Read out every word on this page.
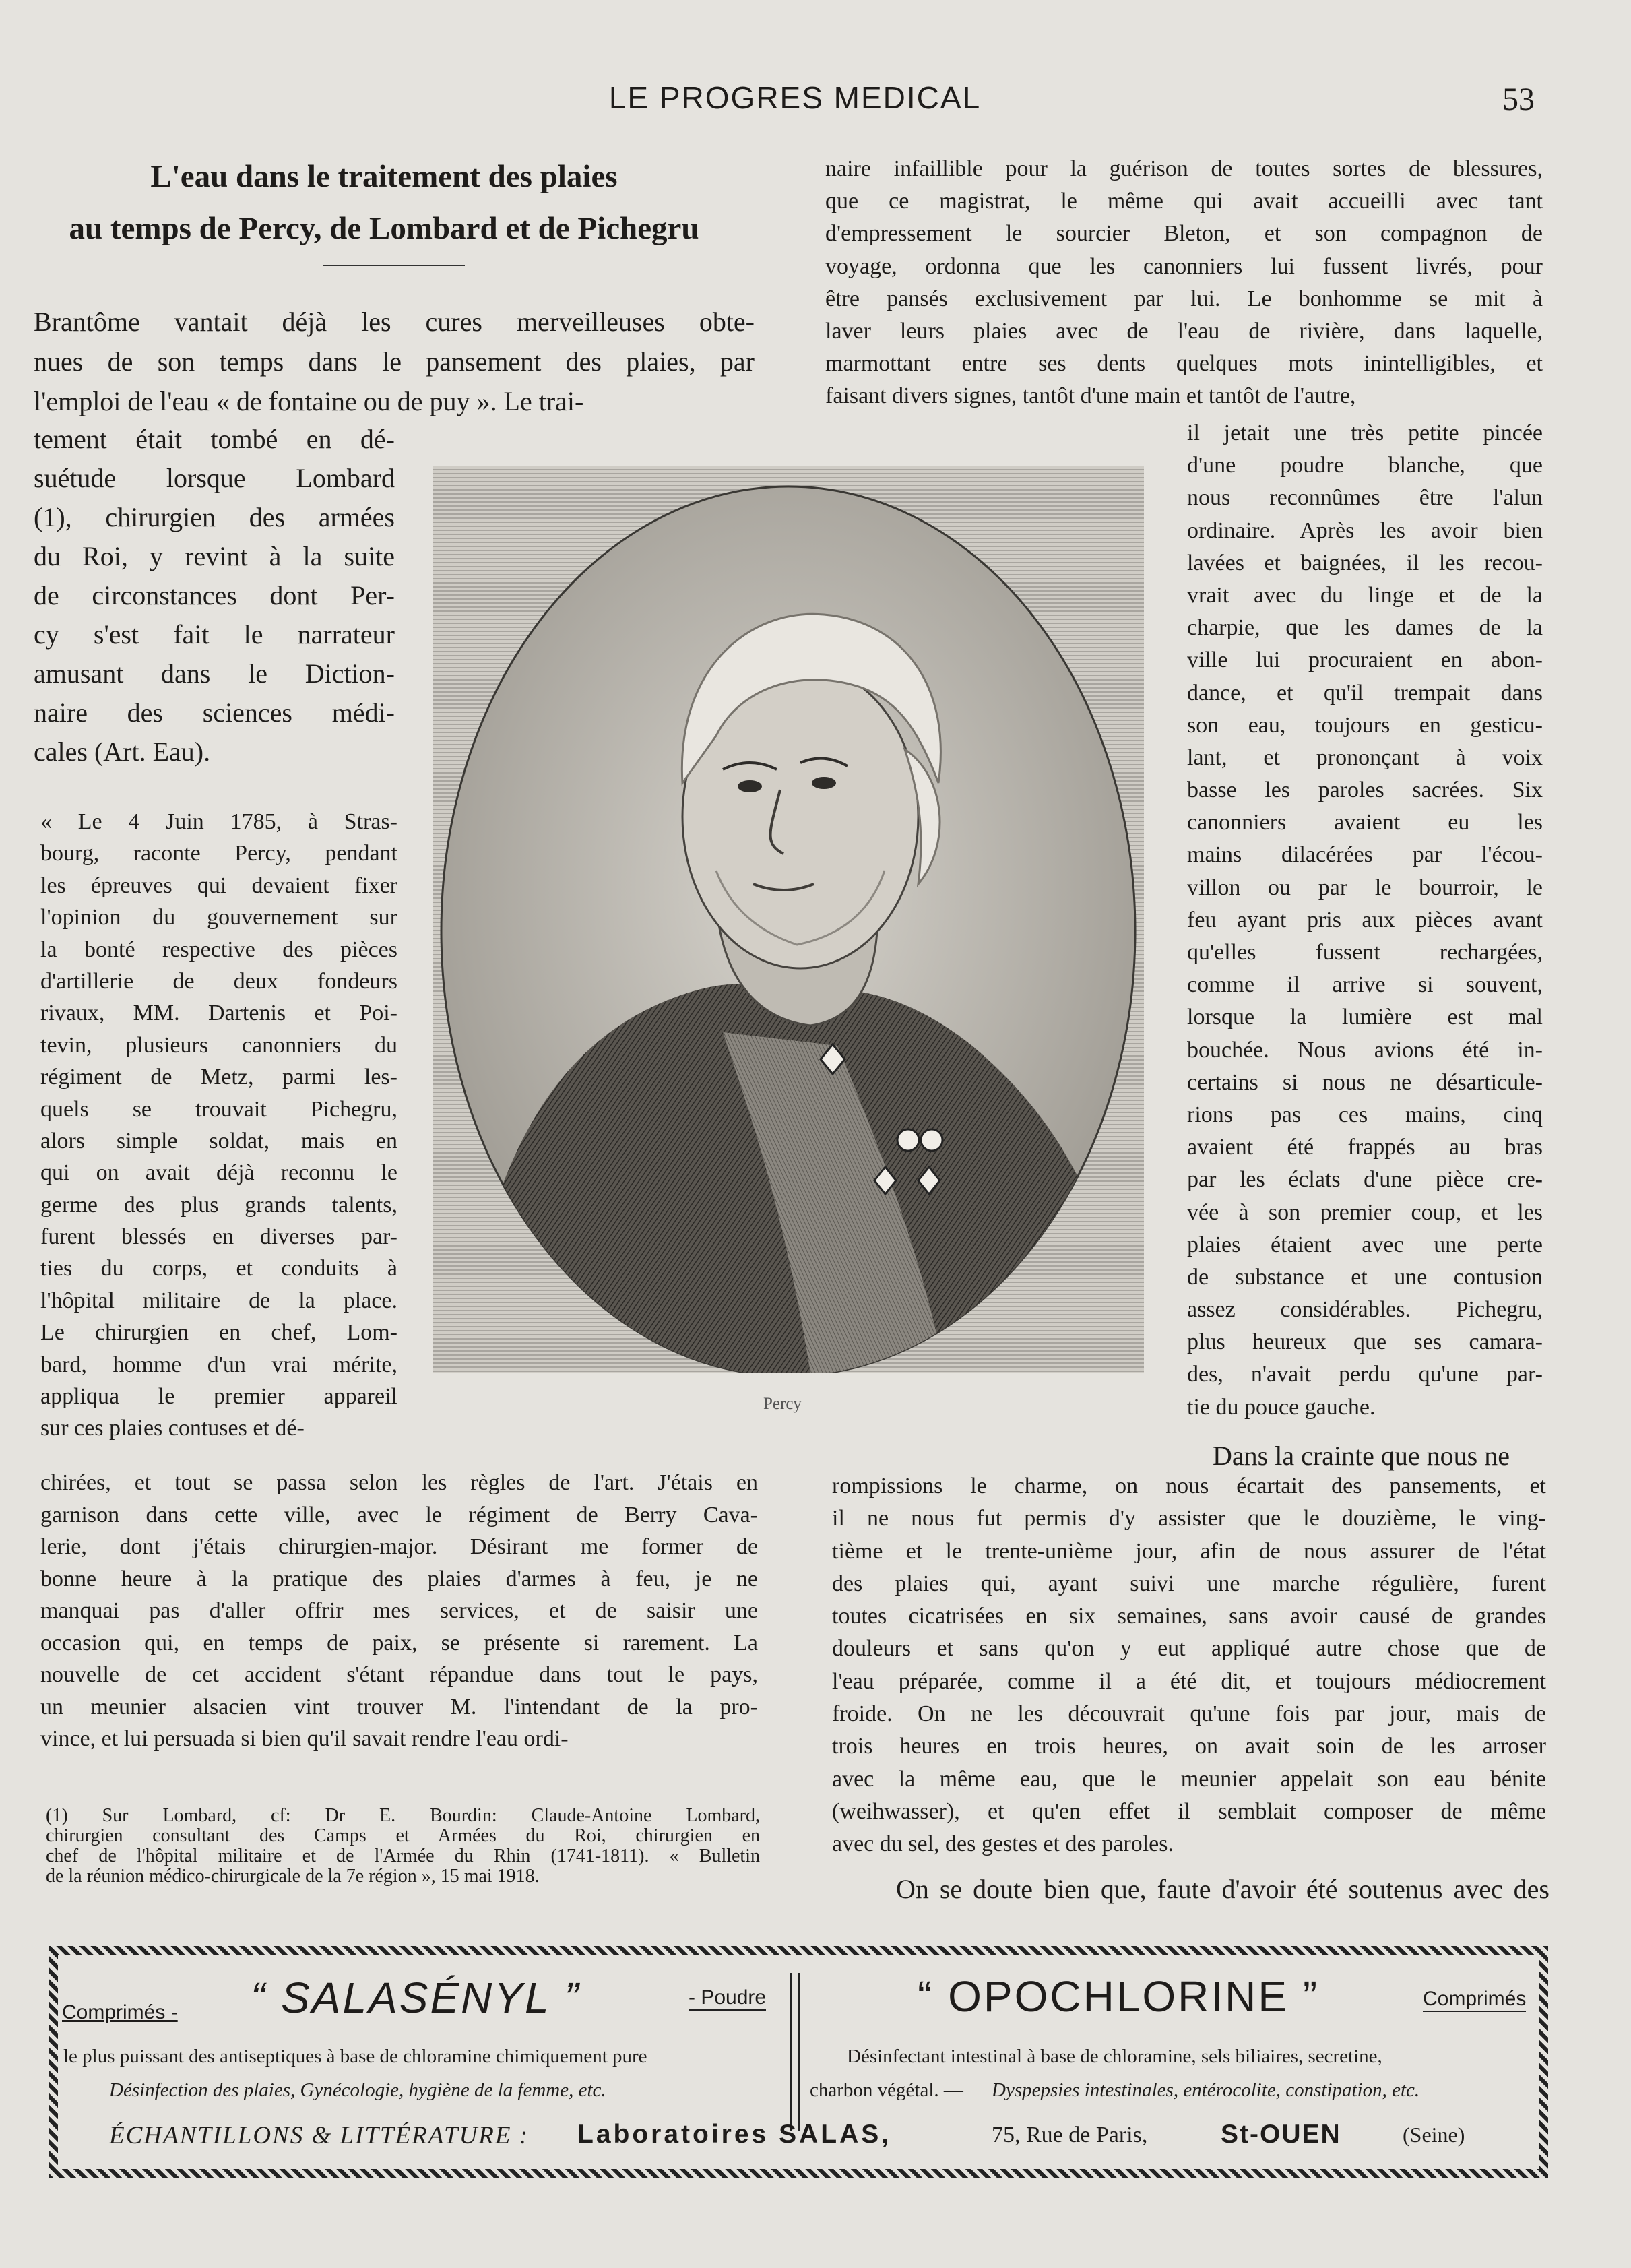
LE PROGRES MEDICAL	53
L'eau dans le traitement des plaies
au temps de Percy, de Lombard et de Pichegru
Brantôme vantait déjà les cures merveilleuses obte-
nues de son temps dans le pansement des plaies, par
l'emploi de l'eau « de fontaine ou de puy ». Le trai-
tement était tombé en dé-
suétude lorsque Lombard
(1), chirurgien des armées
du Roi, y revint à la suite
de circonstances dont Per-
cy s'est fait le narrateur
amusant dans le Diction-
naire des sciences médi-
cales (Art. Eau).
« Le 4 Juin 1785, à Stras-
bourg, raconte Percy, pendant
les épreuves qui devaient fixer
l'opinion du gouvernement sur
la bonté respective des pièces
d'artillerie de deux fondeurs
rivaux, MM. Dartenis et Poi-
tevin, plusieurs canonniers du
régiment de Metz, parmi les-
quels se trouvait Pichegru,
alors simple soldat, mais en
qui on avait déjà reconnu le
germe des plus grands talents,
furent blessés en diverses par-
ties du corps, et conduits à
l'hôpital militaire de la place.
Le chirurgien en chef, Lom-
bard, homme d'un vrai mérite,
appliqua le premier appareil
sur ces plaies contuses et dé-
chirées, et tout se passa selon les règles de l'art. J'étais en
garnison dans cette ville, avec le régiment de Berry Cava-
lerie, dont j'étais chirurgien-major. Désirant me former de
bonne heure à la pratique des plaies d'armes à feu, je ne
manquai pas d'aller offrir mes services, et de saisir une
occasion qui, en temps de paix, se présente si rarement. La
nouvelle de cet accident s'étant répandue dans tout le pays,
un meunier alsacien vint trouver M. l'intendant de la pro-
vince, et lui persuada si bien qu'il savait rendre l'eau ordi-
(1) Sur Lombard, cf: Dr E. Bourdin: Claude-Antoine Lombard,
chirurgien consultant des Camps et Armées du Roi, chirurgien en
chef de l'hôpital militaire et de l'Armée du Rhin (1741-1811). « Bulletin
de la réunion médico-chirurgicale de la 7e région », 15 mai 1918.
naire infaillible pour la guérison de toutes sortes de blessures,
que ce magistrat, le même qui avait accueilli avec tant
d'empressement le sourcier Bleton, et son compagnon de
voyage, ordonna que les canonniers lui fussent livrés, pour
être pansés exclusivement par lui. Le bonhomme se mit à
laver leurs plaies avec de l'eau de rivière, dans laquelle,
marmottant entre ses dents quelques mots inintelligibles, et
faisant divers signes, tantôt d'une main et tantôt de l'autre,
il jetait une très petite pincée
d'une poudre blanche, que
nous reconnûmes être l'alun
ordinaire. Après les avoir bien
lavées et baignées, il les recou-
vrait avec du linge et de la
charpie, que les dames de la
ville lui procuraient en abon-
dance, et qu'il trempait dans
son eau, toujours en gesticu-
lant, et prononçant à voix
basse les paroles sacrées. Six
canonniers avaient eu les
mains dilacérées par l'écou-
villon ou par le bourroir, le
feu ayant pris aux pièces avant
qu'elles fussent rechargées,
comme il arrive si souvent,
lorsque la lumière est mal
bouchée. Nous avions été in-
certains si nous ne désarticule-
rions pas ces mains, cinq
avaient été frappés au bras
par les éclats d'une pièce cre-
vée à son premier coup, et les
plaies étaient avec une perte
de substance et une contusion
assez considérables. Pichegru,
plus heureux que ses camara-
des, n'avait perdu qu'une par-
tie du pouce gauche.
Dans la crainte que nous ne
rompissions le charme, on nous écartait des pansements, et
il ne nous fut permis d'y assister que le douzième, le ving-
tième et le trente-unième jour, afin de nous assurer de l'état
des plaies qui, ayant suivi une marche régulière, furent
toutes cicatrisées en six semaines, sans avoir causé de grandes
douleurs et sans qu'on y eut appliqué autre chose que de
l'eau préparée, comme il a été dit, et toujours médiocrement
froide. On ne les découvrait qu'une fois par jour, mais de
trois heures en trois heures, on avait soin de les arroser
avec la même eau, que le meunier appelait son eau bénite
(weihwasser), et qu'en effet il semblait composer de même
avec du sel, des gestes et des paroles.
On se doute bien que, faute d'avoir été soutenus avec des
Percy
Comprimés - “ SALASÉNYL ”	- Poudre
le plus puissant des antiseptiques à base de chloramine chimiquement pure
Désinfection des plaies, Gynécologie, hygiène de la femme, etc.
“ OPOCHLORINE ”	Comprimés
Désinfectant intestinal à base de chloramine, sels biliaires, secretine,
charbon végétal. — Dyspepsies intestinales, entérocolite, constipation, etc.
ÉCHANTILLONS & LITTÉRATURE : Laboratoires SALAS,	75, Rue de Paris,	St-OUEN	(Seine)
